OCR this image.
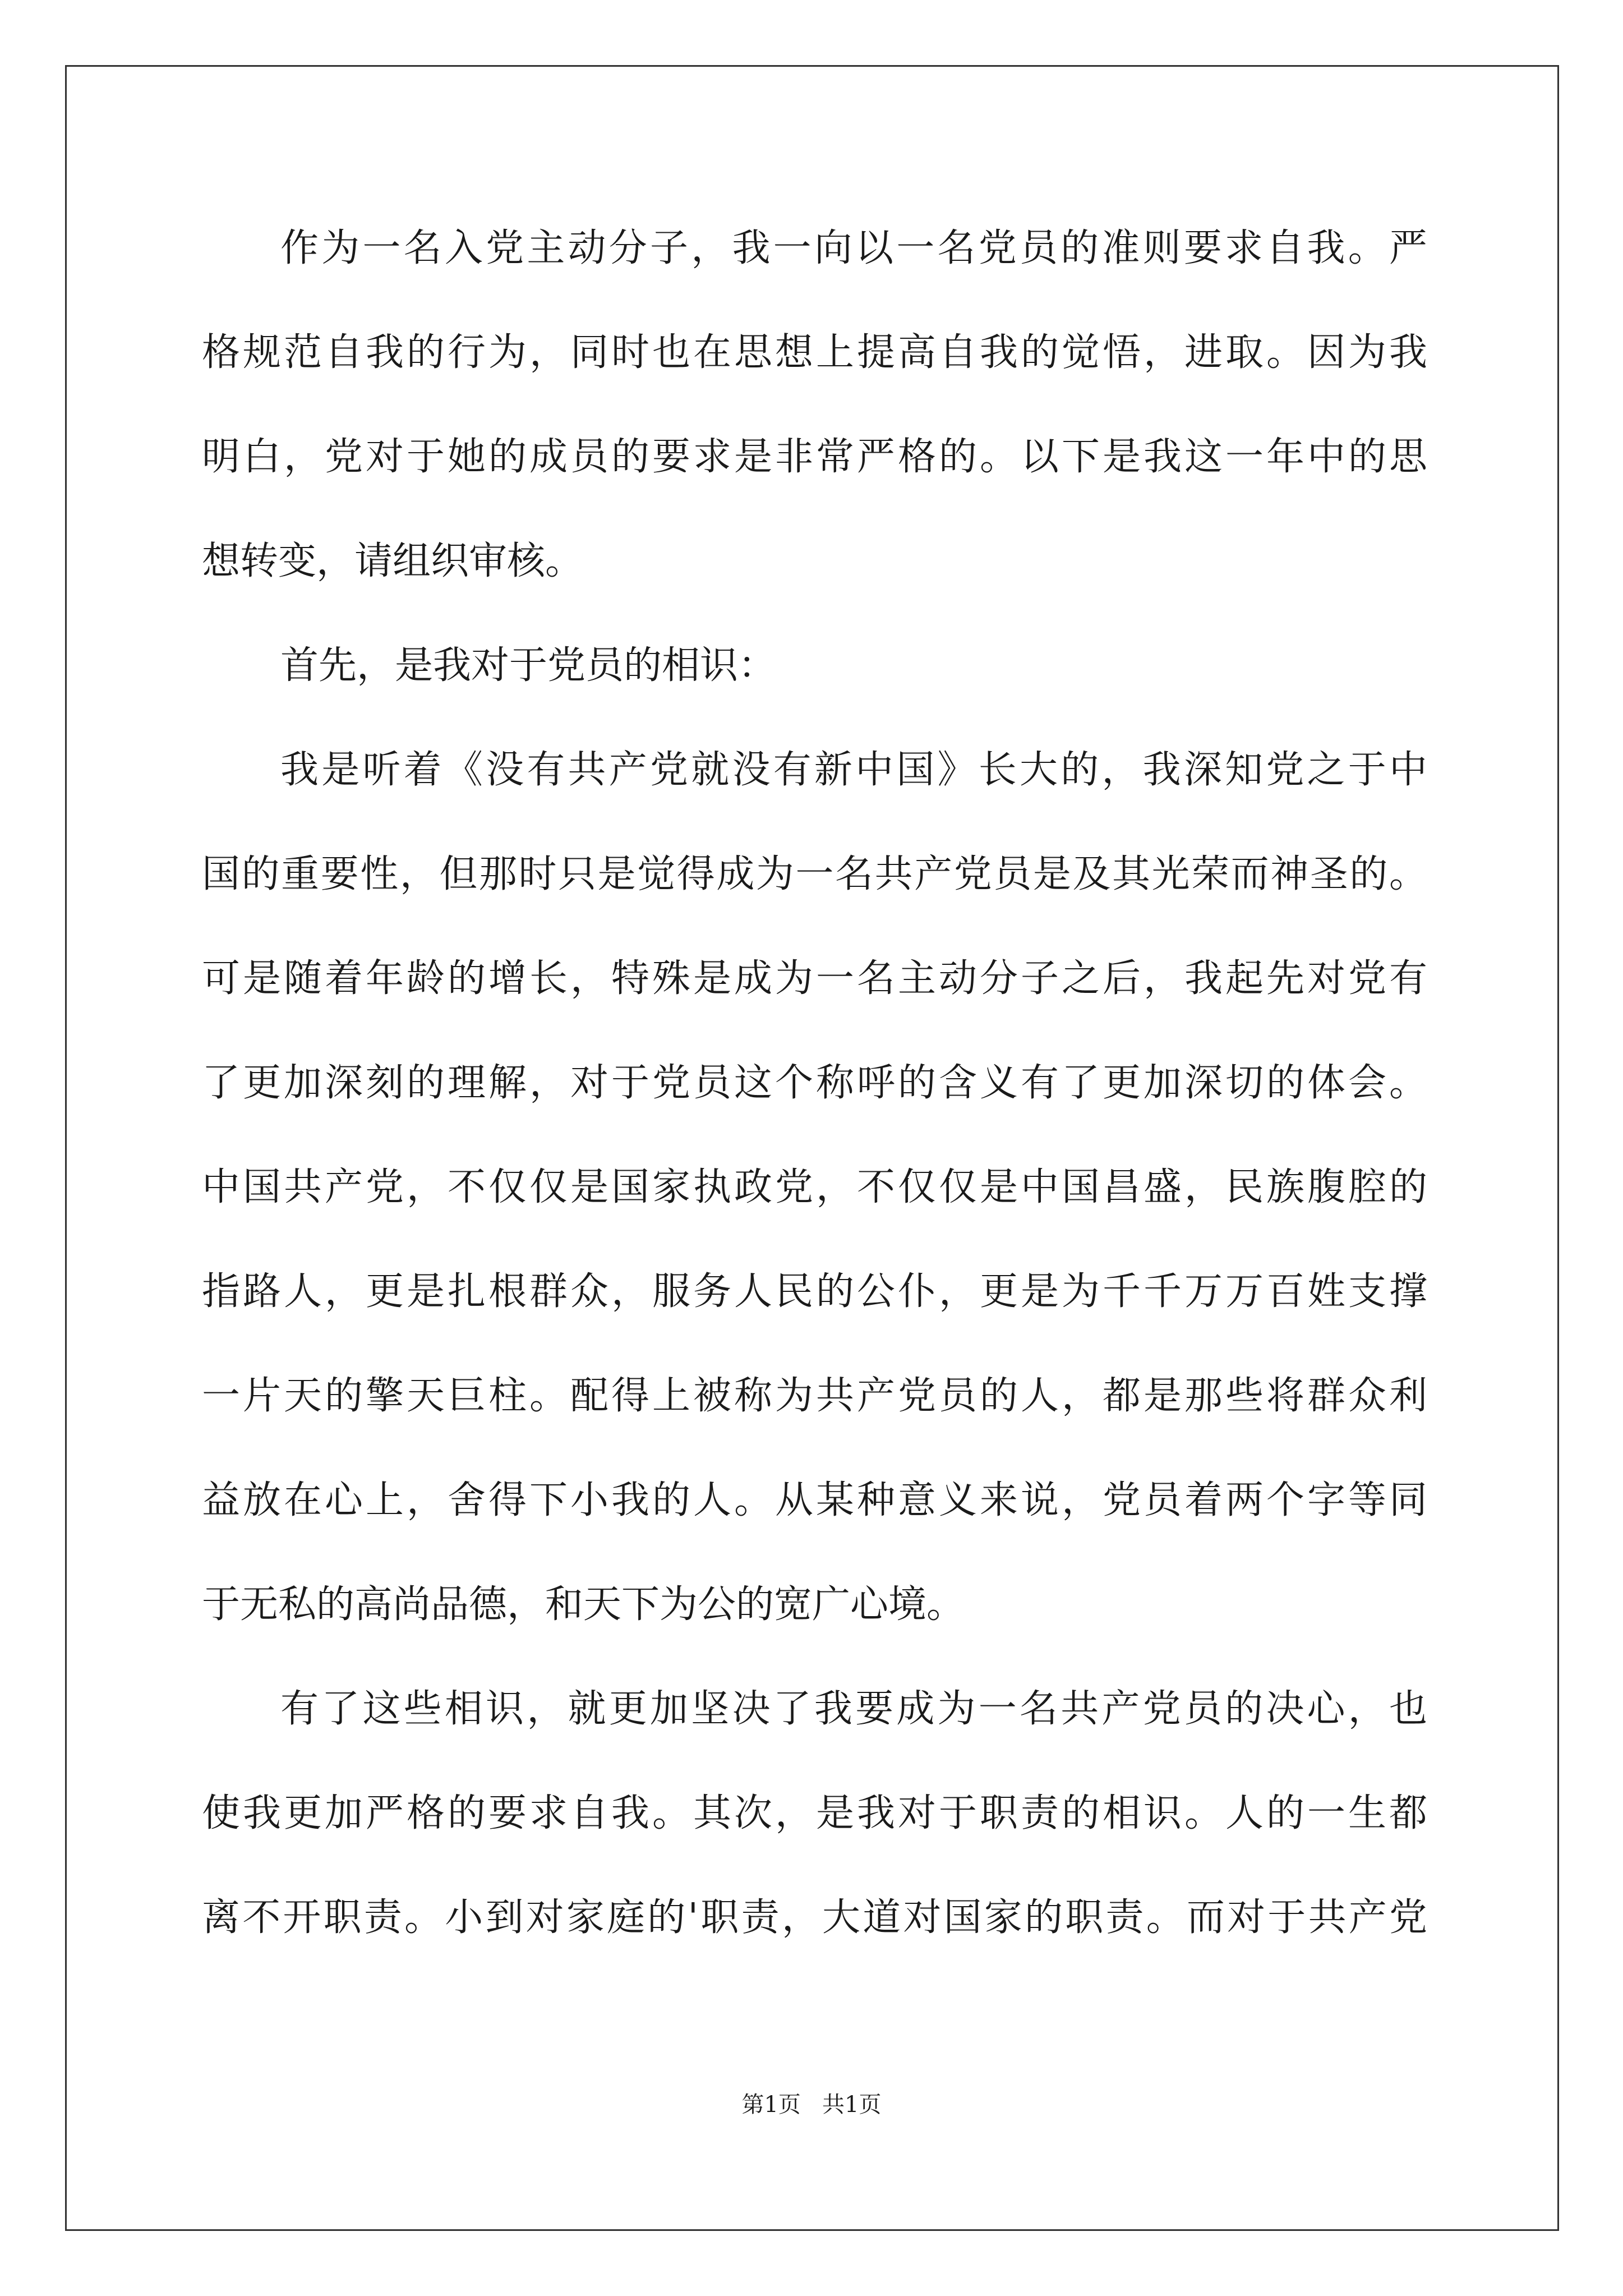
作为一名入党主动分子，我一向以一名党员的准则要求自我。严
格规范自我的行为，同时也在思想上提高自我的觉悟，进取。因为我
明白，党对于她的成员的要求是非常严格的。以下是我这一年中的思
想转变，请组织审核。
首先，是我对于党员的相识：
我是听着《没有共产党就没有新中国》长大的，我深知党之于中
国的重要性，但那时只是觉得成为一名共产党员是及其光荣而神圣的。
可是随着年龄的增长，特殊是成为一名主动分子之后，我起先对党有
了更加深刻的理解，对于党员这个称呼的含义有了更加深切的体会。
中国共产党，不仅仅是国家执政党，不仅仅是中国昌盛，民族腹腔的
指路人，更是扎根群众，服务人民的公仆，更是为千千万万百姓支撑
一片天的擎天巨柱。配得上被称为共产党员的人，都是那些将群众利
益放在心上，舍得下小我的人。从某种意义来说，党员着两个字等同
于无私的高尚品德，和天下为公的宽广心境。
有了这些相识，就更加坚决了我要成为一名共产党员的决心，也
使我更加严格的要求自我。其次，是我对于职责的相识。人的一生都
离不开职责。小到对家庭的'职责，大道对国家的职责。而对于共产党
第1页   共1页
